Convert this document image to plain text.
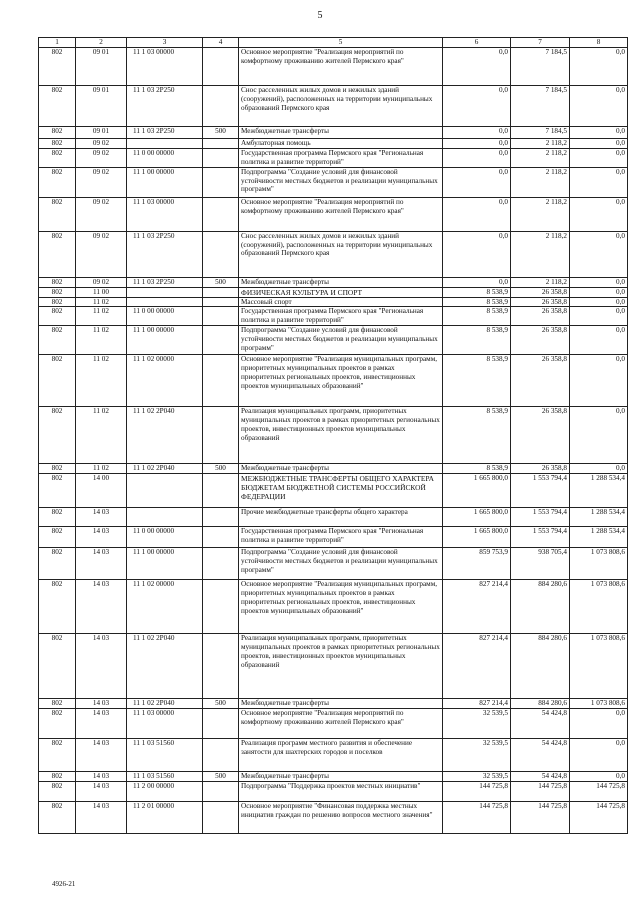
5
1	2	3	4	5	6	7	8
802	09 01	11 1 03 00000		Основное мероприятие "Реализация мероприятий по комфортному проживанию жителей Пермского края"	0,0	7 184,5	0,0
802	09 01	11 1 03 2Р250		Снос расселенных жилых домов и нежилых зданий (сооружений), расположенных на территории муниципальных образований Пермского края	0,0	7 184,5	0,0
802	09 01	11 1 03 2Р250	500	Межбюджетные трансферты	0,0	7 184,5	0,0
802	09 02			Амбулаторная помощь	0,0	2 118,2	0,0
802	09 02	11 0 00 00000		Государственная программа Пермского края "Региональная политика и развитие территорий"	0,0	2 118,2	0,0
802	09 02	11 1 00 00000		Подпрограмма "Создание условий для финансовой устойчивости местных бюджетов и реализации муниципальных программ"	0,0	2 118,2	0,0
802	09 02	11 1 03 00000		Основное мероприятие "Реализация мероприятий по комфортному проживанию жителей Пермского края"	0,0	2 118,2	0,0
802	09 02	11 1 03 2Р250		Снос расселенных жилых домов и нежилых зданий (сооружений), расположенных на территории муниципальных образований Пермского края	0,0	2 118,2	0,0
802	09 02	11 1 03 2Р250	500	Межбюджетные трансферты	0,0	2 118,2	0,0
802	11 00			ФИЗИЧЕСКАЯ КУЛЬТУРА И СПОРТ	8 538,9	26 358,8	0,0
802	11 02			Массовый спорт	8 538,9	26 358,8	0,0
802	11 02	11 0 00 00000		Государственная программа Пермского края "Региональная политика и развитие территорий"	8 538,9	26 358,8	0,0
802	11 02	11 1 00 00000		Подпрограмма "Создание условий для финансовой устойчивости местных бюджетов и реализации муниципальных программ"	8 538,9	26 358,8	0,0
802	11 02	11 1 02 00000		Основное мероприятие "Реализация муниципальных программ, приоритетных муниципальных проектов в рамках приоритетных региональных проектов, инвестиционных проектов муниципальных образований"	8 538,9	26 358,8	0,0
802	11 02	11 1 02 2Р040		Реализация муниципальных программ, приоритетных муниципальных проектов в рамках приоритетных региональных проектов, инвестиционных проектов муниципальных образований	8 538,9	26 358,8	0,0
802	11 02	11 1 02 2Р040	500	Межбюджетные трансферты	8 538,9	26 358,8	0,0
802	14 00			МЕЖБЮДЖЕТНЫЕ ТРАНСФЕРТЫ ОБЩЕГО ХАРАКТЕРА БЮДЖЕТАМ БЮДЖЕТНОЙ СИСТЕМЫ РОССИЙСКОЙ ФЕДЕРАЦИИ	1 665 800,0	1 553 794,4	1 288 534,4
802	14 03			Прочие межбюджетные трансферты общего характера	1 665 800,0	1 553 794,4	1 288 534,4
802	14 03	11 0 00 00000		Государственная программа Пермского края "Региональная политика и развитие территорий"	1 665 800,0	1 553 794,4	1 288 534,4
802	14 03	11 1 00 00000		Подпрограмма "Создание условий для финансовой устойчивости местных бюджетов и реализации муниципальных программ"	859 753,9	938 705,4	1 073 808,6
802	14 03	11 1 02 00000		Основное мероприятие "Реализация муниципальных программ, приоритетных муниципальных проектов в рамках приоритетных региональных проектов, инвестиционных проектов муниципальных образований"	827 214,4	884 280,6	1 073 808,6
802	14 03	11 1 02 2Р040		Реализация муниципальных программ, приоритетных муниципальных проектов в рамках приоритетных региональных проектов, инвестиционных проектов муниципальных образований	827 214,4	884 280,6	1 073 808,6
802	14 03	11 1 02 2Р040	500	Межбюджетные трансферты	827 214,4	884 280,6	1 073 808,6
802	14 03	11 1 03 00000		Основное мероприятие "Реализация мероприятий по комфортному проживанию жителей Пермского края"	32 539,5	54 424,8	0,0
802	14 03	11 1 03 51560		Реализация программ местного развития и обеспечение занятости для шахтерских городов и поселков	32 539,5	54 424,8	0,0
802	14 03	11 1 03 51560	500	Межбюджетные трансферты	32 539,5	54 424,8	0,0
802	14 03	11 2 00 00000		Подпрограмма "Поддержка проектов местных инициатив"	144 725,8	144 725,8	144 725,8
802	14 03	11 2 01 00000		Основное мероприятие "Финансовая поддержка местных инициатив граждан по решению вопросов местного значения"	144 725,8	144 725,8	144 725,8
4926-21
